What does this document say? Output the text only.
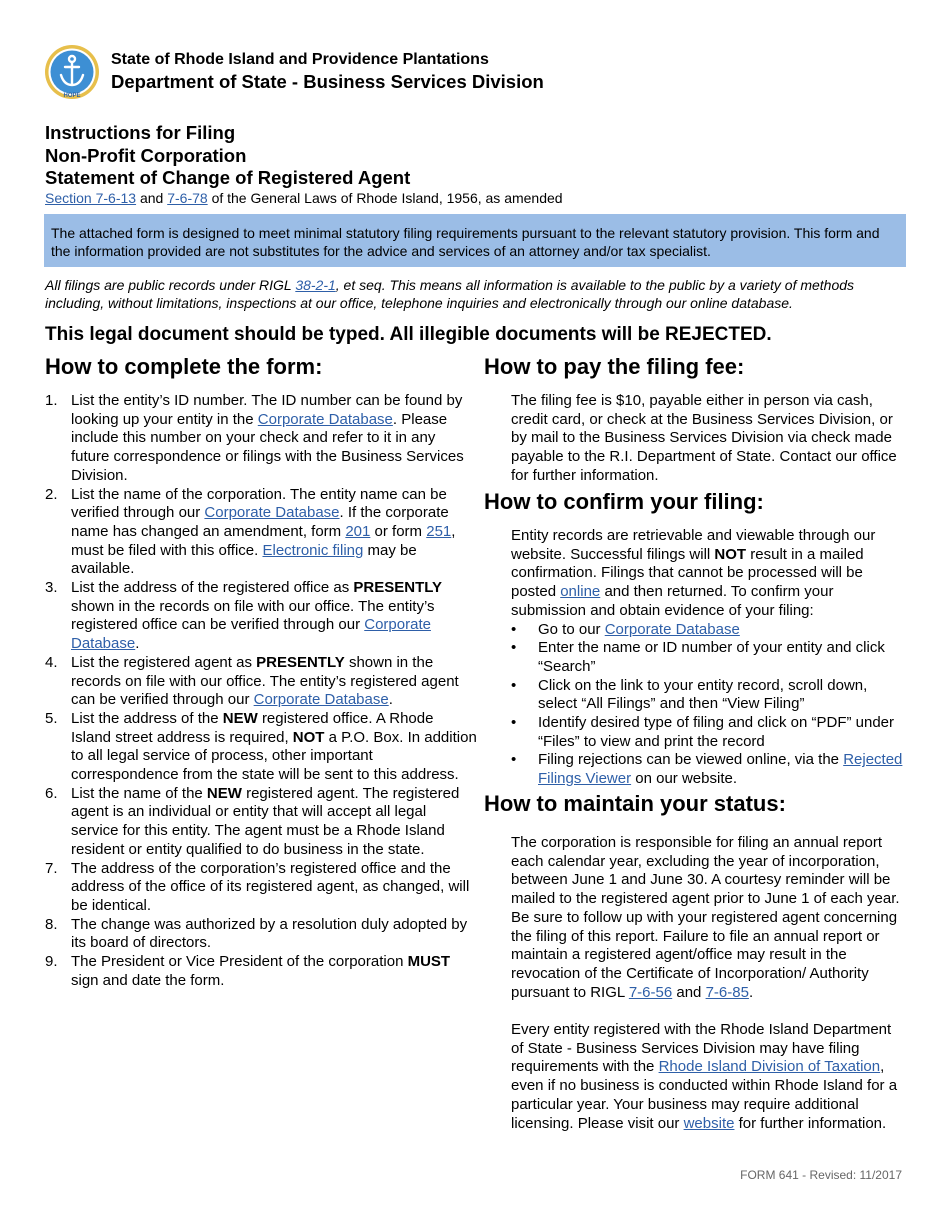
HOPE
State of Rhode Island and Providence Plantations
Department of State - Business Services Division
Instructions for Filing
Non-Profit Corporation
Statement of Change of Registered Agent
Section 7-6-13 and 7-6-78 of the General Laws of Rhode Island, 1956, as amended
The attached form is designed to meet minimal statutory filing requirements pursuant to the relevant statutory provision. This form and the information provided are not substitutes for the advice and services of an attorney and/or tax specialist.
All filings are public records under RIGL 38-2-1, et seq. This means all information is available to the public by a variety of methods including, without limitations, inspections at our office, telephone inquiries and electronically through our online database.
This legal document should be typed. All illegible documents will be REJECTED.
How to complete the form:
1. List the entity’s ID number. The ID number can be found by looking up your entity in the Corporate Database. Please include this number on your check and refer to it in any future correspondence or filings with the Business Services Division.
2. List the name of the corporation. The entity name can be verified through our Corporate Database. If the corporate name has changed an amendment, form 201 or form 251, must be filed with this office. Electronic filing may be available.
3. List the address of the registered office as PRESENTLY shown in the records on file with our office. The entity’s registered office can be verified through our Corporate Database.
4. List the registered agent as PRESENTLY shown in the records on file with our office. The entity’s registered agent can be verified through our Corporate Database.
5. List the address of the NEW registered office. A Rhode Island street address is required, NOT a P.O. Box. In addition to all legal service of process, other important correspondence from the state will be sent to this address.
6. List the name of the NEW registered agent. The registered agent is an individual or entity that will accept all legal service for this entity. The agent must be a Rhode Island resident or entity qualified to do business in the state.
7. The address of the corporation’s registered office and the address of the office of its registered agent, as changed, will be identical.
8. The change was authorized by a resolution duly adopted by its board of directors.
9. The President or Vice President of the corporation MUST sign and date the form.
How to pay the filing fee:
The filing fee is $10, payable either in person via cash, credit card, or check at the Business Services Division, or by mail to the Business Services Division via check made payable to the R.I. Department of State. Contact our office for further information.
How to confirm your filing:
Entity records are retrievable and viewable through our website. Successful filings will NOT result in a mailed confirmation. Filings that cannot be processed will be posted online and then returned. To confirm your submission and obtain evidence of your filing:
• Go to our Corporate Database
• Enter the name or ID number of your entity and click “Search”
• Click on the link to your entity record, scroll down, select “All Filings” and then “View Filing”
• Identify desired type of filing and click on “PDF” under “Files” to view and print the record
• Filing rejections can be viewed online, via the Rejected Filings Viewer on our website.
How to maintain your status:
The corporation is responsible for filing an annual report each calendar year, excluding the year of incorporation, between June 1 and June 30. A courtesy reminder will be mailed to the registered agent prior to June 1 of each year. Be sure to follow up with your registered agent concerning the filing of this report. Failure to file an annual report or maintain a registered agent/office may result in the revocation of the Certificate of Incorporation/ Authority pursuant to RIGL 7-6-56 and 7-6-85.
Every entity registered with the Rhode Island Department of State - Business Services Division may have filing requirements with the Rhode Island Division of Taxation, even if no business is conducted within Rhode Island for a particular year. Your business may require additional licensing. Please visit our website for further information.
FORM 641 - Revised: 11/2017
